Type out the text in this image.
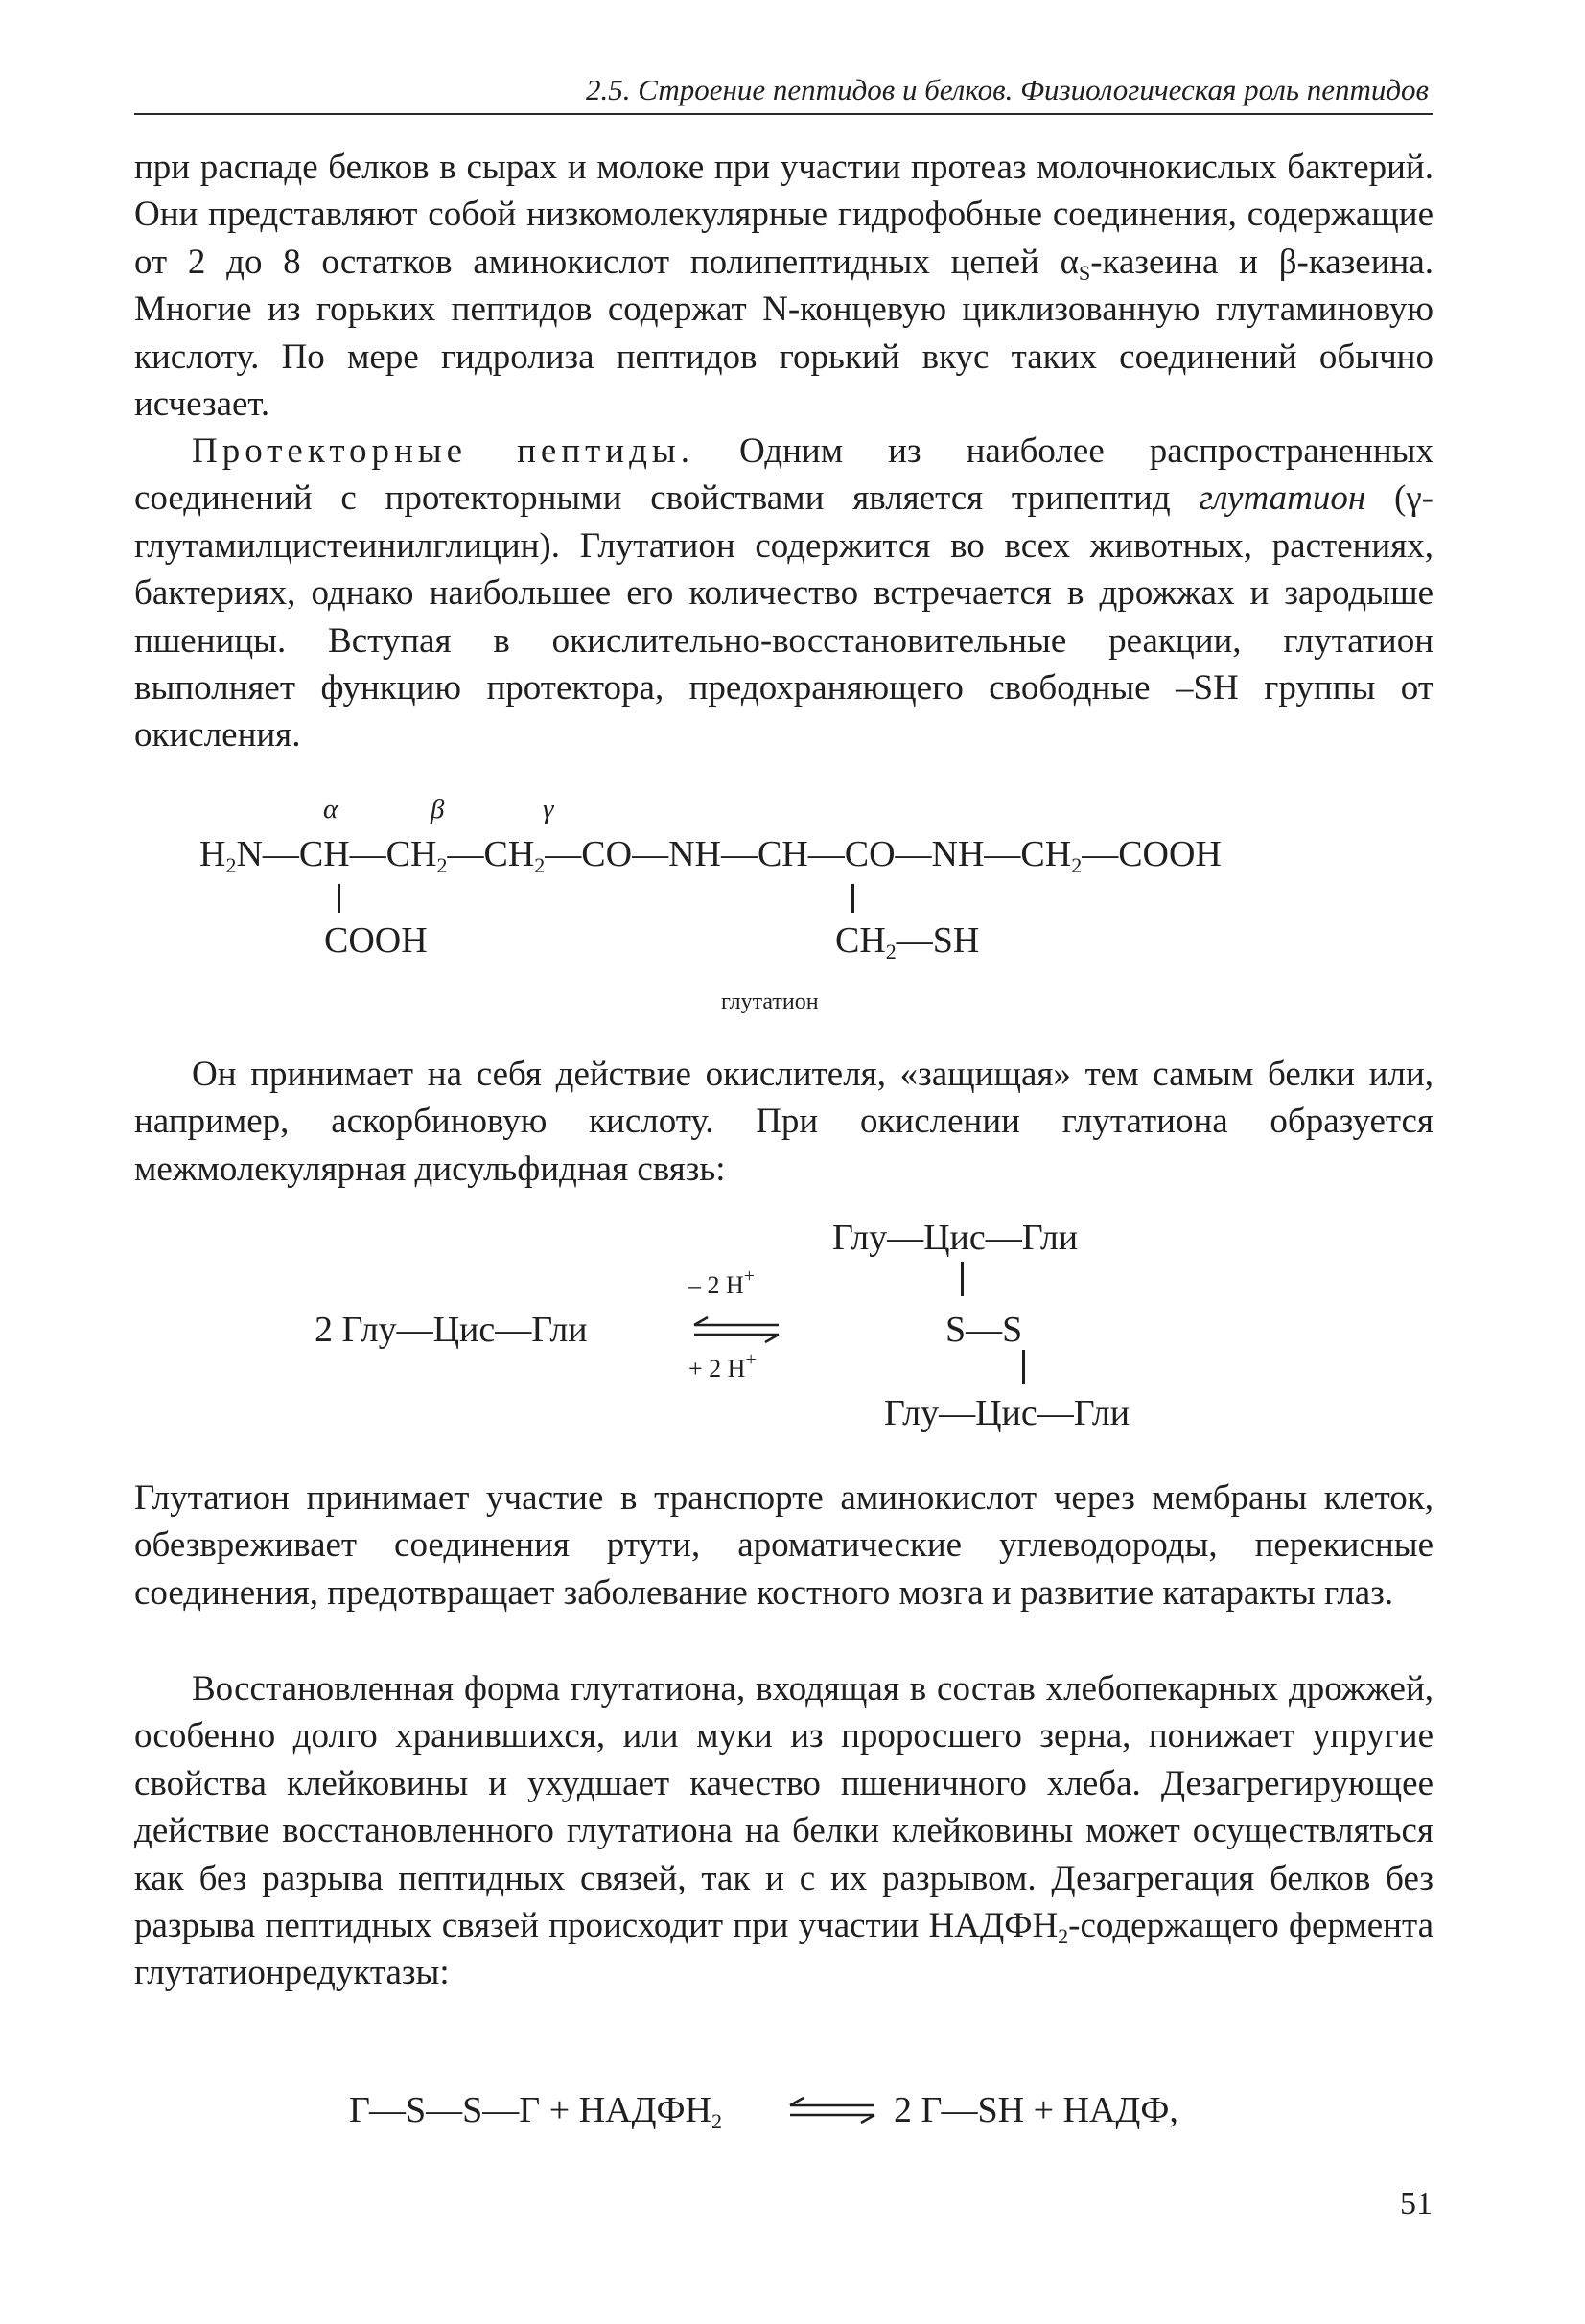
2.5. Строение пептидов и белков. Физиологическая роль пептидов

при распаде белков в сырах и молоке при участии протеаз молочнокислых бактерий. Они представляют собой низкомолекулярные гидрофобные соединения, содержащие от 2 до 8 остатков аминокислот полипептидных цепей $\alpha_S$-казеина и β-казеина. Многие из горьких пептидов содержат N-концевую циклизованную глутаминовую кислоту. По мере гидролиза пептидов горький вкус таких соединений обычно исчезает.

Протекторные пептиды. Одним из наиболее распространенных соединений с протекторными свойствами является трипептид глутатион (γ-глутамилцистеинилглицин). Глутатион содержится во всех животных, растениях, бактериях, однако наибольшее его количество встречается в дрожжах и зародыше пшеницы. Вступая в окислительно-восстановительные реакции, глутатион выполняет функцию протектора, предохраняющего свободные –SH группы от окисления.

α	β	γ
$H_2N—CH—CH_2—CH_2—CO—NH—CH—CO—NH—CH_2—COOH$
COOH	$CH_2—SH$
глутатион

Он принимает на себя действие окислителя, «защищая» тем самым белки или, например, аскорбиновую кислоту. При окислении глутатиона образуется межмолекулярная дисульфидная связь:

Глу—Цис—Гли
– 2 H+
2 Глу—Цис—Гли	S—S
+ 2 H+
Глу—Цис—Гли

Глутатион принимает участие в транспорте аминокислот через мембраны клеток, обезвреживает соединения ртути, ароматические углеводороды, перекисные соединения, предотвращает заболевание костного мозга и развитие катаракты глаз.

Восстановленная форма глутатиона, входящая в состав хлебопекарных дрожжей, особенно долго хранившихся, или муки из проросшего зерна, понижает упругие свойства клейковины и ухудшает качество пшеничного хлеба. Дезагрегирующее действие восстановленного глутатиона на белки клейковины может осуществляться как без разрыва пептидных связей, так и с их разрывом. Дезагрегация белков без разрыва пептидных связей происходит при участии $НАДФН_2$-содержащего фермента глутатионредуктазы:

Г—S—S—Г + $НАДФН_2$	2 Г—SH + НАДФ,
51
